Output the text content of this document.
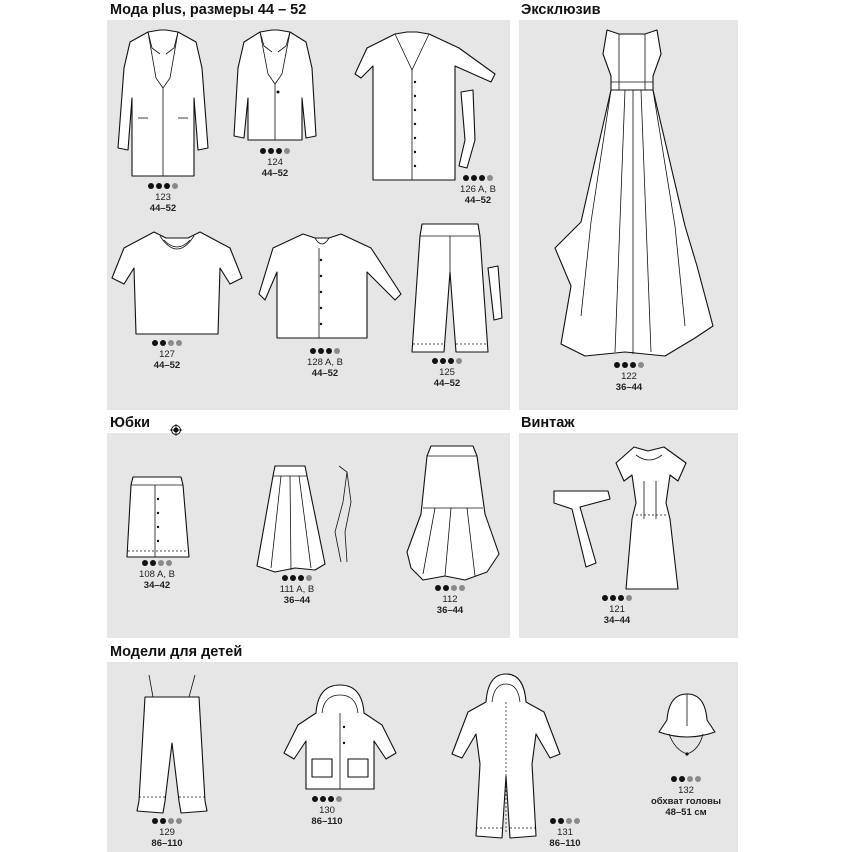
Мода plus, размеры 44 – 52	Эксклюзив
Юбки	Винтаж
Модели для детей
123
44–52
124
44–52
126 A, B
44–52
127
44–52	128 A, B
44–52	125
44–52
122
36–44
108 A, B
34–42	111 A, B
36–44	112
36–44	121
34–44
129
86–110
130
86–110
131
86–110
132
обхват головы 48–51 см
